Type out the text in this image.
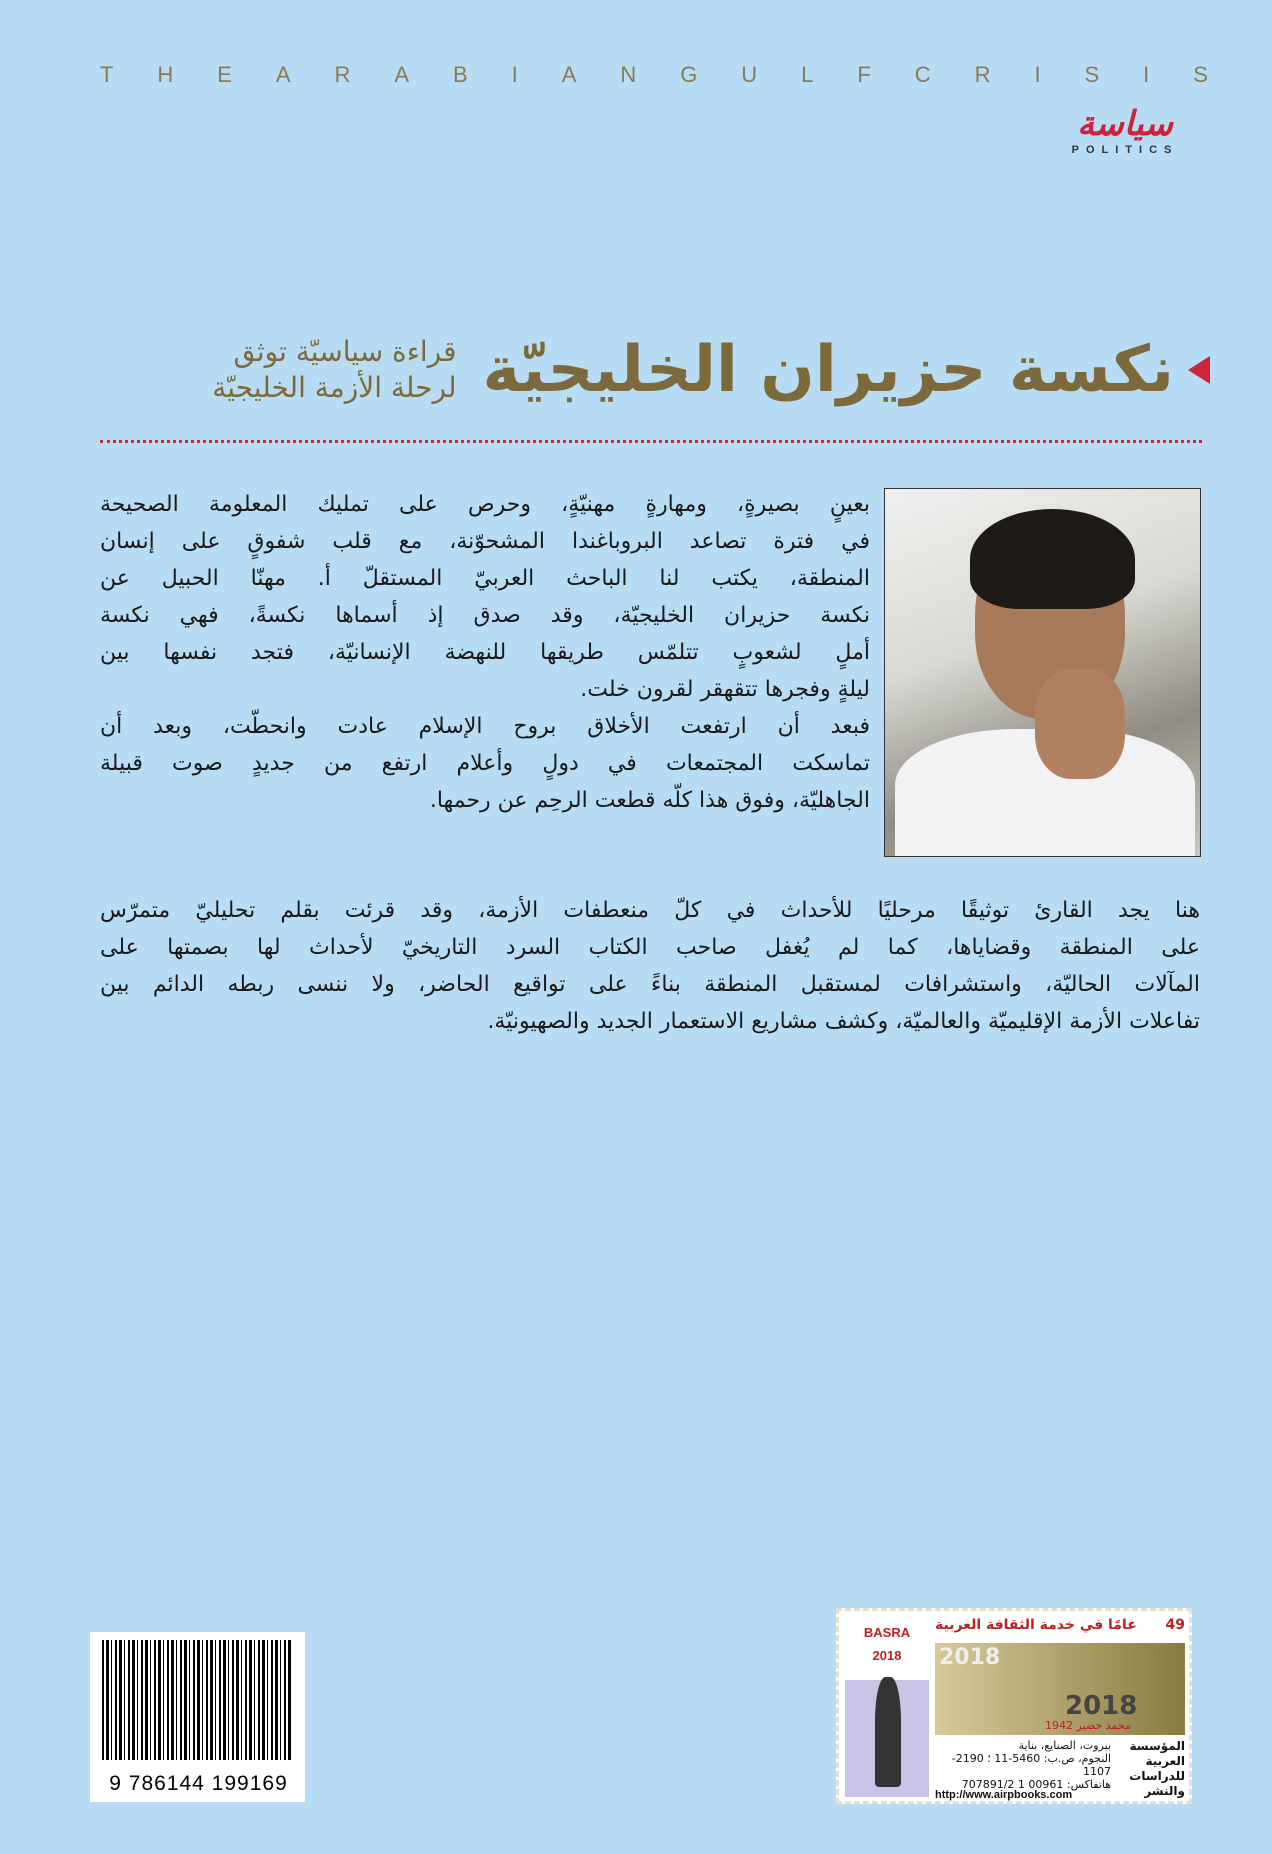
T H E A R A B I A N G U L F C R I S I S
سياسة
POLITICS
نكسة حزيران الخليجيّة
قراءة سياسيّة توثق
لرحلة الأزمة الخليجيّة
بعينٍ بصيرةٍ، ومهارةٍ مهنيّةٍ، وحرص على تمليك المعلومة الصحيحة
في فترة تصاعد البروباغندا المشحوّنة، مع قلب شفوقٍ على إنسان
المنطقة، يكتب لنا الباحث العربيّ المستقلّ أ. مهنّا الحبيل عن
نكسة حزيران الخليجيّة، وقد صدق إذ أسماها نكسةً، فهي نكسة
أملٍ لشعوبٍ تتلمّس طريقها للنهضة الإنسانيّة، فتجد نفسها بين
ليلةٍ وفجرها تتقهقر لقرون خلت.
فبعد أن ارتفعت الأخلاق بروح الإسلام عادت وانحطّت، وبعد أن
تماسكت المجتمعات في دولٍ وأعلام ارتفع من جديدٍ صوت قبيلة
الجاهليّة، وفوق هذا كلّه قطعت الرحِم عن رحمها.
هنا يجد القارئ توثيقًا مرحليًا للأحداث في كلّ منعطفات الأزمة، وقد قرئت بقلم تحليليّ متمرّس
على المنطقة وقضاياها، كما لم يُغفل صاحب الكتاب السرد التاريخيّ لأحداث لها بصمتها على
المآلات الحاليّة، واستشرافات لمستقبل المنطقة بناءً على تواقيع الحاضر، ولا ننسى ربطه الدائم بين
تفاعلات الأزمة الإقليميّة والعالميّة، وكشف مشاريع الاستعمار الجديد والصهيونيّة.
9 786144 199169
BASRA
2018
49
عامًا في خدمة الثقافة العربية
2018
2018
محمد خضير 1942
المؤسسة العربية للدراسات والنشر
بيروت، الصنايع، بناية
النجوم، ص.ب: 5460-11 ؛ 2190-1107
هاتفاكس: 00961 1 707891/2
http://www.airpbooks.com
